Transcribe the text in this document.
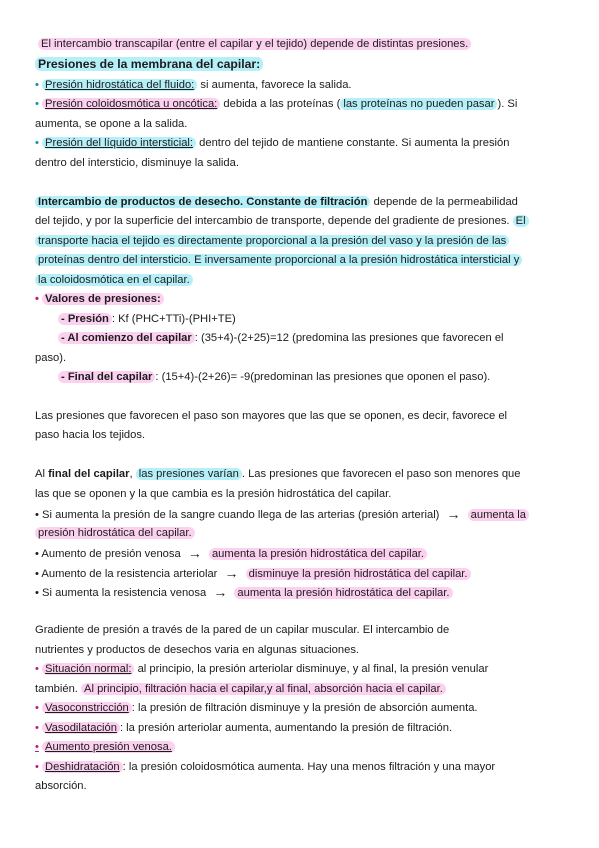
El intercambio transcapilar (entre el capilar y el tejido) depende de distintas presiones.
Presiones de la membrana del capilar:
• Presión hidrostática del fluido: si aumenta, favorece la salida.
• Presión coloidosmótica u oncótica: debida a las proteínas ( las proteínas no pueden pasar ). Si
aumenta, se opone a la salida.
• Presión del líquido intersticial: dentro del tejido de mantiene constante. Si aumenta la presión
dentro del intersticio, disminuye la salida.
Intercambio de productos de desecho. Constante de filtración depende de la permeabilidad
del tejido, y por la superficie del intercambio de transporte, depende del gradiente de presiones. El
transporte hacia el tejido es directamente proporcional a la presión del vaso y la presión de las
proteínas dentro del intersticio. E inversamente proporcional a la presión hidrostática intersticial y
la coloidosmótica en el capilar.
• Valores de presiones:
- Presión : Kf (PHC+TTi)-(PHI+TE)
- Al comienzo del capilar : (35+4)-(2+25)=12 (predomina las presiones que favorecen el
paso).
- Final del capilar : (15+4)-(2+26)= -9(predominan las presiones que oponen el paso).
Las presiones que favorecen el paso son mayores que las que se oponen, es decir, favorece el
paso hacia los tejidos.
Al final del capilar, las presiones varían . Las presiones que favorecen el paso son menores que
las que se oponen y la que cambia es la presión hidrostática del capilar.
• Si aumenta la presión de la sangre cuando llega de las arterias (presión arterial) → aumenta la
presión hidrostática del capilar.
• Aumento de presión venosa → aumenta la presión hidrostática del capilar.
• Aumento de la resistencia arteriolar → disminuye la presión hidrostática del capilar.
• Si aumenta la resistencia venosa → aumenta la presión hidrostática del capilar.
Gradiente de presión a través de la pared de un capilar muscular. El intercambio de
nutrientes y productos de desechos varia en algunas situaciones.
• Situación normal: al principio, la presión arteriolar disminuye, y al final, la presión venular
también. Al principio, filtración hacia el capilar,y al final, absorción hacia el capilar.
• Vasoconstricción : la presión de filtración disminuye y la presión de absorción aumenta.
• Vasodilatación : la presión arteriolar aumenta, aumentando la presión de filtración.
• Aumento presión venosa.
• Deshidratación : la presión coloidosmótica aumenta. Hay una menos filtración y una mayor
absorción.
